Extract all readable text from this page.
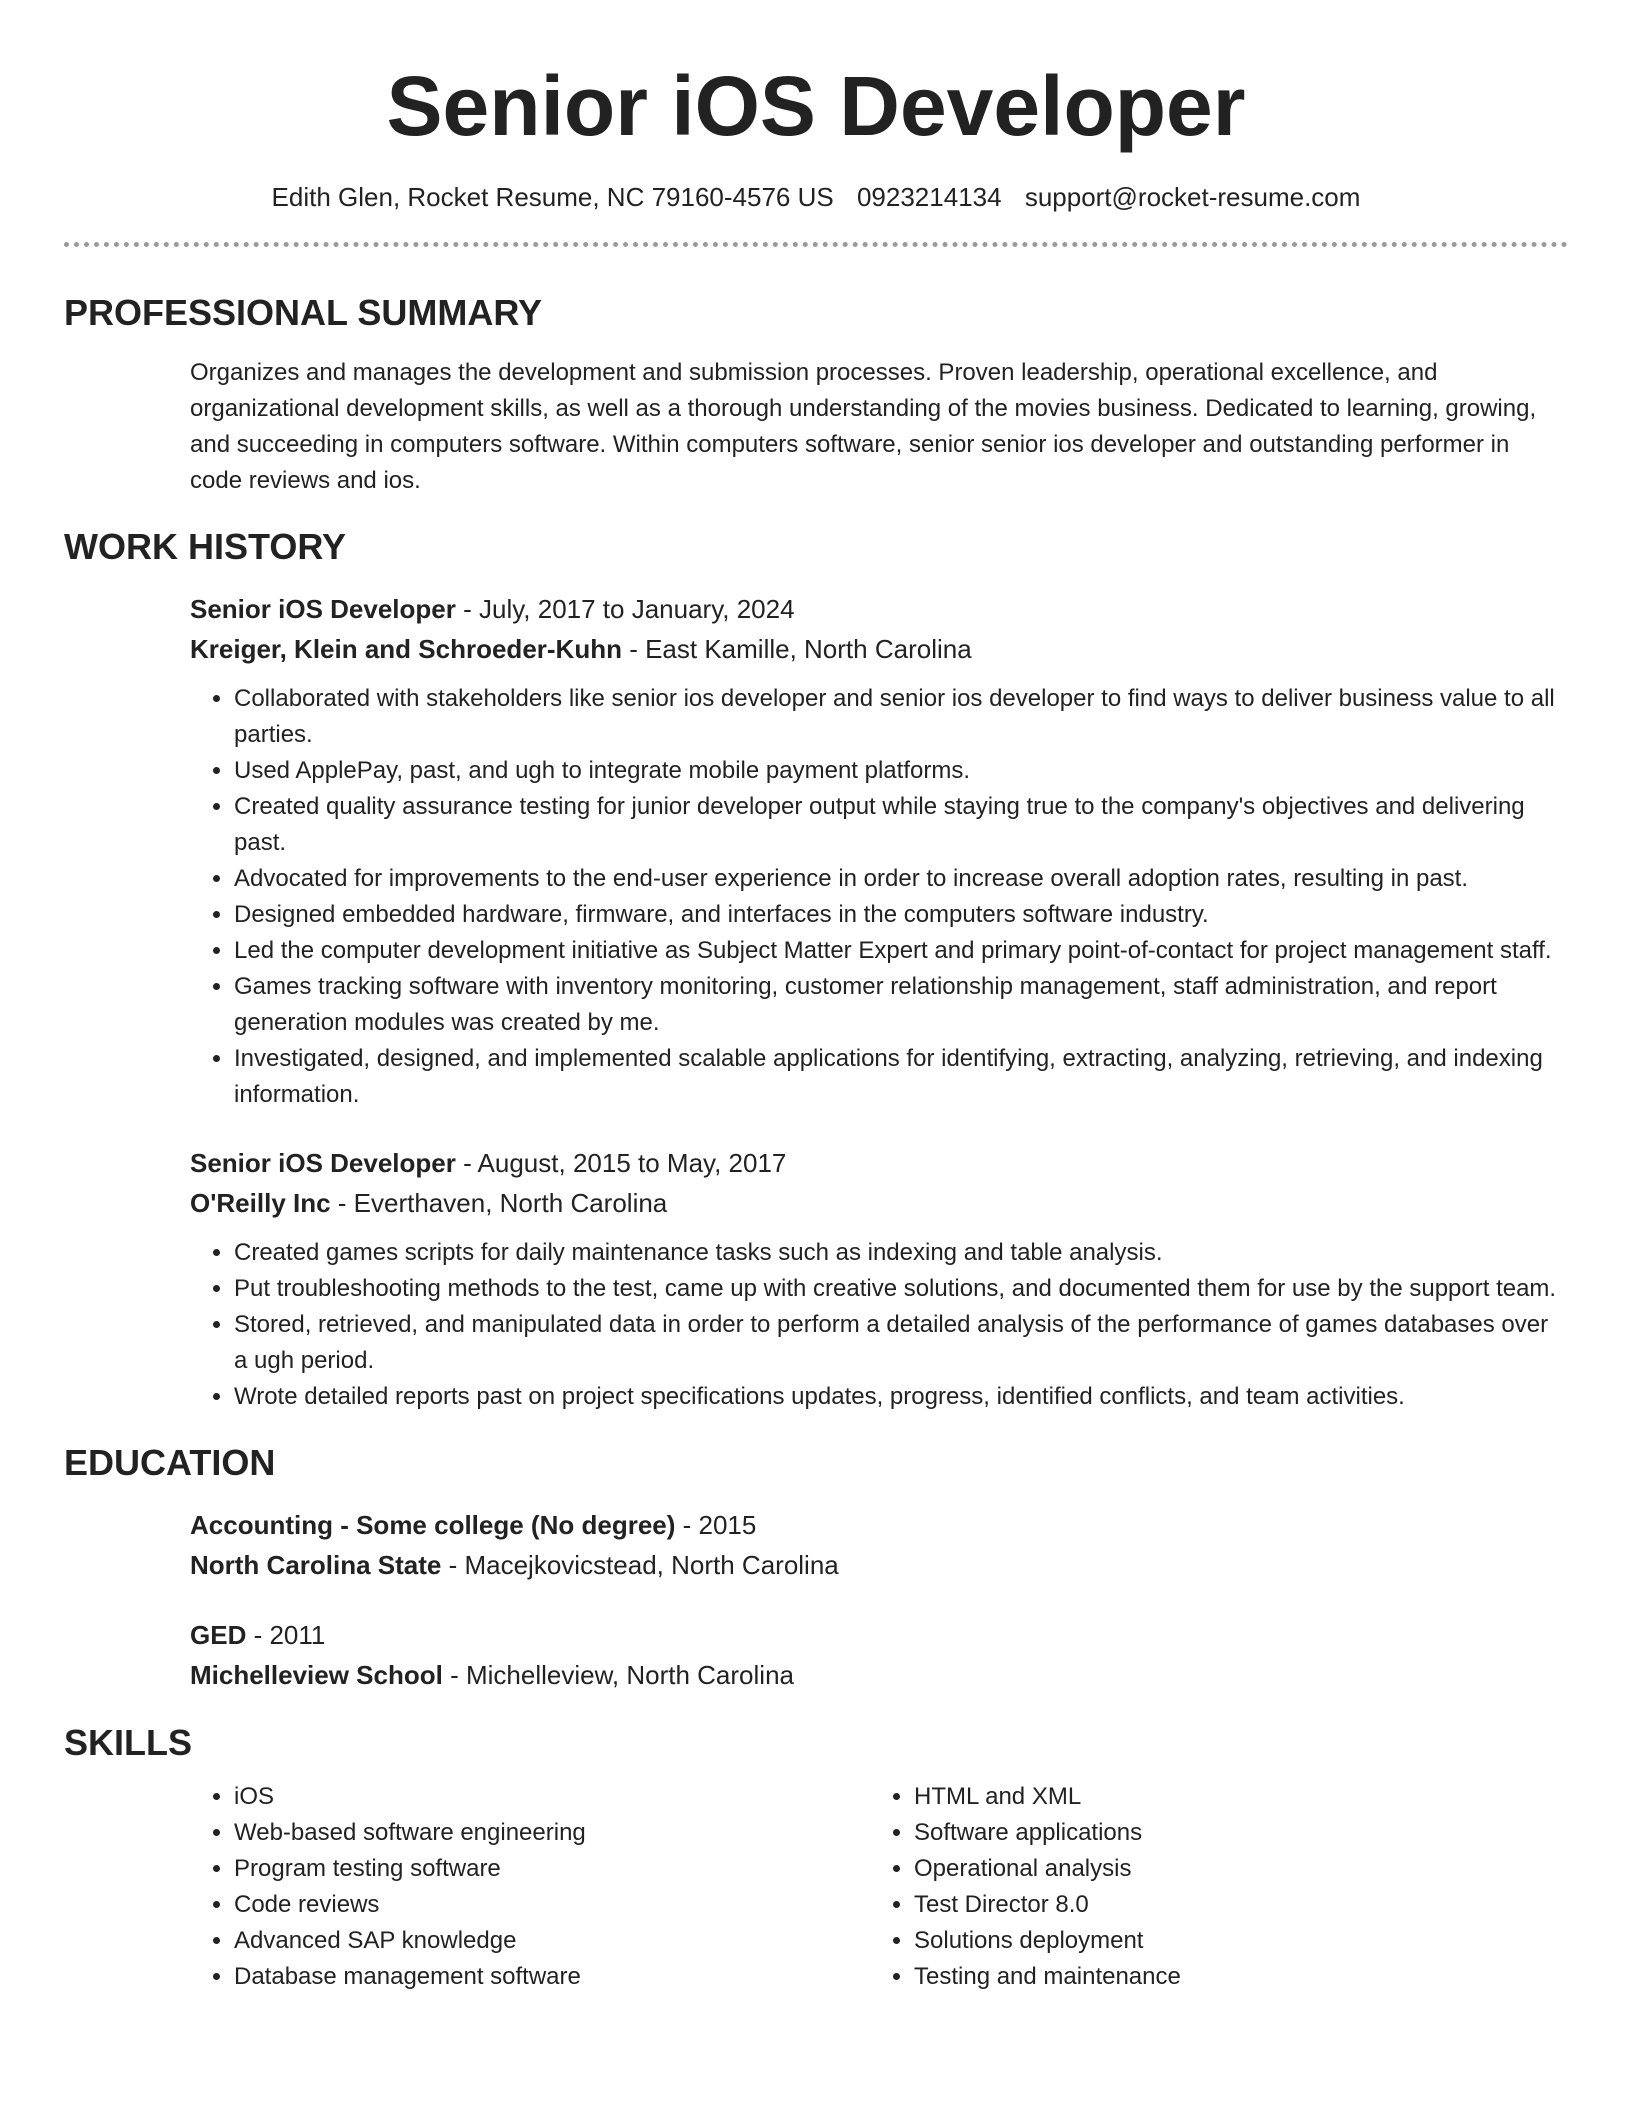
Senior iOS Developer
Edith Glen, Rocket Resume, NC 79160-4576 US 0923214134 support@rocket-resume.com
PROFESSIONAL SUMMARY

Organizes and manages the development and submission processes. Proven leadership, operational excellence, and organizational development skills, as well as a thorough understanding of the movies business. Dedicated to learning, growing, and succeeding in computers software. Within computers software, senior senior ios developer and outstanding performer in code reviews and ios.

WORK HISTORY
Senior iOS Developer - July, 2017 to January, 2024
Kreiger, Klein and Schroeder-Kuhn - East Kamille, North Carolina
• Collaborated with stakeholders like senior ios developer and senior ios developer to find ways to deliver business value to all parties.
• Used ApplePay, past, and ugh to integrate mobile payment platforms.
• Created quality assurance testing for junior developer output while staying true to the company's objectives and delivering past.
• Advocated for improvements to the end-user experience in order to increase overall adoption rates, resulting in past.
• Designed embedded hardware, firmware, and interfaces in the computers software industry.
• Led the computer development initiative as Subject Matter Expert and primary point-of-contact for project management staff.
• Games tracking software with inventory monitoring, customer relationship management, staff administration, and report generation modules was created by me.
• Investigated, designed, and implemented scalable applications for identifying, extracting, analyzing, retrieving, and indexing information.
Senior iOS Developer - August, 2015 to May, 2017
O'Reilly Inc - Everthaven, North Carolina
• Created games scripts for daily maintenance tasks such as indexing and table analysis.
• Put troubleshooting methods to the test, came up with creative solutions, and documented them for use by the support team.
• Stored, retrieved, and manipulated data in order to perform a detailed analysis of the performance of games databases over a ugh period.
• Wrote detailed reports past on project specifications updates, progress, identified conflicts, and team activities.
EDUCATION
Accounting - Some college (No degree) - 2015
North Carolina State - Macejkovicstead, North Carolina
GED - 2011
Michelleview School - Michelleview, North Carolina
SKILLS
• iOS
• Web-based software engineering
• Program testing software
• Code reviews
• Advanced SAP knowledge
• Database management software
• HTML and XML
• Software applications
• Operational analysis
• Test Director 8.0
• Solutions deployment
• Testing and maintenance
